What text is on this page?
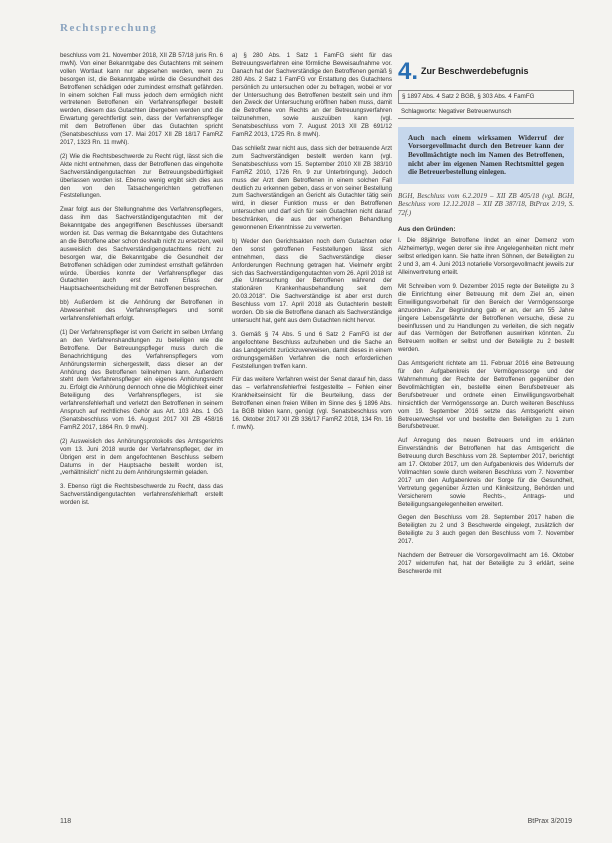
Rechtsprechung

beschluss vom 21. November 2018, XII ZB 57/18 juris Rn. 6 mwN). Von einer Bekanntgabe des Gutachtens mit seinem vollen Wortlaut kann nur abgesehen werden, wenn zu besorgen ist, die Bekanntgabe würde die Gesundheit des Betroffenen schädigen oder zumindest ernsthaft gefährden. In einem solchen Fall muss jedoch dem ermöglich nicht vertretenen Betroffenen ein Verfahrenspfleger bestellt werden, diesem das Gutachten übergeben werden und die Erwartung gerechtfertigt sein, dass der Verfahrenspfleger mit dem Betroffenen über das Gutachten spricht (Senatsbeschluss vom 17. Mai 2017 XII ZB 18/17 FamRZ 2017, 1323 Rn. 11 mwN).

(2) Wie die Rechtsbeschwerde zu Recht rügt, lässt sich die Akte nicht entnehmen, dass der Betroffenen das eingeholte Sachverständigengutachten zur Betreuungsbedürftigkeit überlassen worden ist. Ebenso wenig ergibt sich dies aus den von den Tatsachengerichten getroffenen Feststellungen.

Zwar folgt aus der Stellungnahme des Verfahrenspflegers, dass ihm das Sachverständigengutachten mit der Bekanntgabe des angegriffenen Beschlusses übersandt worden ist. Das vermag die Bekanntgabe des Gutachtens an die Betroffene aber schon deshalb nicht zu ersetzen, weil ausweislich des Sachverständigengutachtens nicht zu besorgen war, die Bekanntgabe die Gesundheit der Betroffenen schädigen oder zumindest ernsthaft gefährden würde. Überdies konnte der Verfahrenspfleger das Gutachten auch erst nach Erlass der Hauptsacheentscheidung mit der Betroffenen besprechen.

bb) Außerdem ist die Anhörung der Betroffenen in Abwesenheit des Verfahrenspflegers und somit verfahrensfehlerhaft erfolgt.

(1) Der Verfahrenspfleger ist vom Gericht im selben Umfang an den Verfahrenshandlungen zu beteiligen wie die Betroffene. Der Betreuungspfleger muss durch die Benachrichtigung des Verfahrenspflegers vom Anhörungstermin sichergestellt, dass dieser an der Anhörung des Betroffenen teilnehmen kann. Außerdem steht dem Verfahrenspfleger ein eigenes Anhörungsrecht zu. Erfolgt die Anhörung dennoch ohne die Möglichkeit einer Beteiligung des Verfahrenspflegers, ist sie verfahrensfehlerhaft und verletzt den Betroffenen in seinem Anspruch auf rechtliches Gehör aus Art. 103 Abs. 1 GG (Senatsbeschluss vom 16. August 2017 XII ZB 458/16 FamRZ 2017, 1864 Rn. 9 mwN).

(2) Ausweislich des Anhörungsprotokolls des Amtsgerichts vom 13. Juni 2018 wurde der Verfahrenspfleger, der im Übrigen erst in dem angefochtenen Beschluss selbem Datums in der Hauptsache bestellt worden ist, „verhältnislich" nicht zu dem Anhörungstermin geladen.

3. Ebenso rügt die Rechtsbeschwerde zu Recht, dass das Sachverständigengutachten verfahrensfehlerhaft erstellt worden ist.

a) § 280 Abs. 1 Satz 1 FamFG sieht für das Betreuungsverfahren eine förmliche Beweisaufnahme vor. Danach hat der Sachverständige den Betroffenen gemäß § 280 Abs. 2 Satz 1 FamFG vor Erstattung des Gutachtens persönlich zu untersuchen oder zu befragen, wobei er vor der Untersuchung des Betroffenen bestellt sein und ihm den Zweck der Untersuchung eröffnen haben muss, damit die Betroffene von Rechts an der Betreuungsverfahren teilzunehmen, sowie auszuüben kann (vgl. Senatsbeschluss vom 7. August 2013 XII ZB 691/12 FamRZ 2013, 1725 Rn. 8 mwN).

Das schließt zwar nicht aus, dass sich der betrauende Arzt zum Sachverständigen bestellt werden kann (vgl. Senatsbeschluss vom 15. September 2010 XII ZB 383/10 FamRZ 2010, 1726 Rn. 9 zur Unterbringung). Jedoch muss der Arzt dem Betroffenen in einem solchen Fall deutlich zu erkennen geben, dass er von seiner Bestellung zum Sachverständigen an Gericht als Gutachter tätig sein wird, in dieser Funktion muss er den Betroffenen untersuchen und darf sich für sein Gutachten nicht darauf beschränken, die aus der vorherigen Behandlung gewonnenen Erkenntnisse zu verwerten.

b) Weder den Gerichtsakten noch dem Gutachten oder den sonst getroffenen Feststellungen lässt sich entnehmen, dass die Sachverständige dieser Anforderungen Rechnung getragen hat. Vielmehr ergibt sich das Sachverständigengutachten vom 26. April 2018 ist „die Untersuchung der Betroffenen während der stationären Krankenhausbehandlung seit dem 20.03.2018". Die Sachverständige ist aber erst durch Beschluss vom 17. April 2018 als Gutachterin bestellt worden. Ob sie die Betroffene danach als Sachverständige untersucht hat, geht aus dem Gutachten nicht hervor.

3. Gemäß § 74 Abs. 5 und 6 Satz 2 FamFG ist der angefochtene Beschluss aufzuheben und die Sache an das Landgericht zurückzuverweisen, damit dieses in einem ordnungsgemäßen Verfahren die noch erforderlichen Feststellungen treffen kann.

Für das weitere Verfahren weist der Senat darauf hin, dass das – verfahrensfehlerfrei festgestellte – Fehlen einer Krankheitseinsicht für die Beurteilung, dass der Betroffenen einen freien Willen im Sinne des § 1896 Abs. 1a BGB bilden kann, genügt (vgl. Senatsbeschluss vom 16. Oktober 2017 XII ZB 336/17 FamRZ 2018, 134 Rn. 16 f. mwN).

4. Zur Beschwerdebefugnis
§ 1897 Abs. 4 Satz 2 BGB, § 303 Abs. 4 FamFG
Schlagworte: Negativer Betreuerwunsch
Auch nach einem wirksamen Widerruf der Vorsorgevollmacht durch den Betreuer kann der Bevollmächtigte noch im Namen des Betroffenen, nicht aber im eigenen Namen Rechtsmittel gegen die Betreuerbestellung einlegen.

BGH, Beschluss vom 6.2.2019 – XII ZB 405/18 (vgl. BGH, Beschluss vom 12.12.2018 – XII ZB 387/18, BtPrax 2/19, S. 72f.)

Aus den Gründen:

I. Die 88jährige Betroffene lindet an einer Demenz vom Alzheimertyp, wegen derer sie ihre Angelegenheiten nicht mehr selbst erledigen kann. Sie hatte ihren Söhnen, der Beteiligten zu 2 und 3, am 4. Juni 2013 notarielle Vorsorgevollmacht jeweils zur Alleinvertretung erteilt.

Mit Schreiben vom 9. Dezember 2015 regte der Beteiligte zu 3 die Einrichtung einer Betreuung mit dem Ziel an, einen Einwilligungsvorbehalt für den Bereich der Vermögenssorge anzuordnen. Zur Begründung gab er an, der am 55 Jahre jüngere Lebensgefährte der Betroffenen versuche, diese zu beeinflussen und zu Handlungen zu verleiten, die sich negativ auf das Vermögen der Betroffenen auswirken könnten. Zu Betreuern wollten er selbst und der Beteiligte zu 2 bestellt werden.

Das Amtsgericht richtete am 11. Februar 2016 eine Betreuung für den Aufgabenkreis der Vermögenssorge und der Wahrnehmung der Rechte der Betroffenen gegenüber den Bevollmächtigten ein, bestellte einen Berufsbetreuer als Berufsbetreuer und ordnete einen Einwilligungsvorbehalt hinsichtlich der Vermögenssorge an. Durch weiteren Beschluss vom 19. September 2016 setzte das Amtsgericht einen Betreuerwechsel vor und bestellte den Beteiligten zu 1 zum Berufsbetreuer.

Auf Anregung des neuen Betreuers und im erklärten Einverständnis der Betroffenen hat das Amtsgericht die Betreuung durch Beschluss vom 28. September 2017, berichtigt am 17. Oktober 2017, um den Aufgabenkreis des Widerrufs der Vollmachten sowie durch weiteren Beschluss vom 7. November 2017 um den Aufgabenkreis der Sorge für die Gesundheit, Vertretung gegenüber Ärzten und Kliniksitzung, Behörden und Versicherern sowie Rechts-, Antrags- und Beteiligungsangelegenheiten erweitert.

Gegen den Beschluss vom 28. September 2017 haben die Beteiligten zu 2 und 3 Beschwerde eingelegt, zusätzlich der Beteiligte zu 3 auch gegen den Beschluss vom 7. November 2017.

Nachdem der Betreuer die Vorsorgevollmacht am 16. Oktober 2017 widerrufen hat, hat der Beteiligte zu 3 erklärt, seine Beschwerde mit

118	BtPrax 3/2019
